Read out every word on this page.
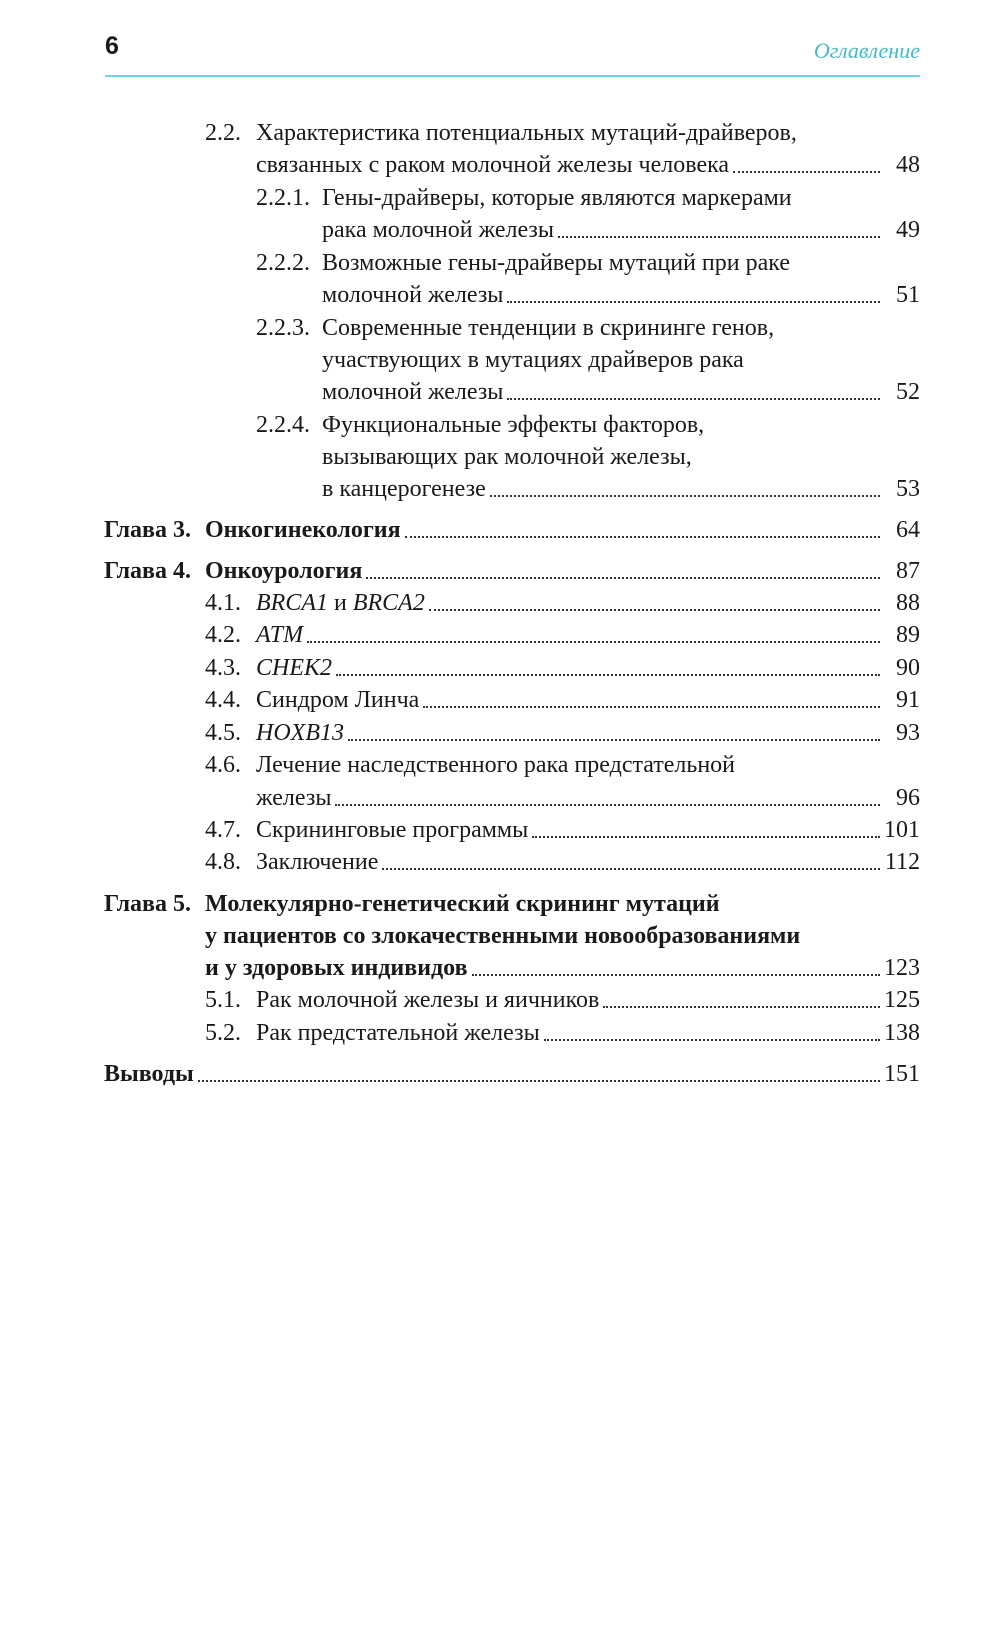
6	Оглавление
2.2. Характеристика потенциальных мутаций-драйверов,
связанных с раком молочной железы человека	48
2.2.1. Гены-драйверы, которые являются маркерами
рака молочной железы	49
2.2.2. Возможные гены-драйверы мутаций при раке
молочной железы	51
2.2.3. Современные тенденции в скрининге генов,
участвующих в мутациях драйверов рака
молочной железы	52
2.2.4. Функциональные эффекты факторов,
вызывающих рак молочной железы,
в канцерогенезе	53
Глава 3. Онкогинекология	64
Глава 4. Онкоурология	87
4.1. BRCA1 и BRCA2	88
4.2. ATM	89
4.3. CHEK2	90
4.4. Синдром Линча	91
4.5. HOXB13	93
4.6. Лечение наследственного рака предстательной
железы	96
4.7. Скрининговые программы	101
4.8. Заключение	112
Глава 5. Молекулярно-генетический скрининг мутаций
у пациентов со злокачественными новообразованиями
и у здоровых индивидов	123
5.1. Рак молочной железы и яичников	125
5.2. Рак предстательной железы	138
Выводы	151
